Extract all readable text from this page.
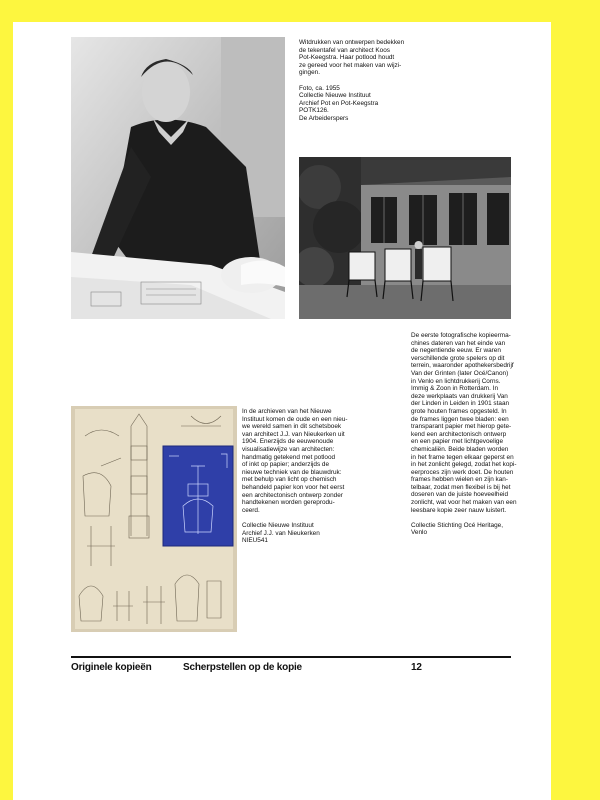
Witdrukken van ontwerpen bedekken
de tekentafel van architect Koos
Pot-Keegstra. Haar potlood houdt
ze gereed voor het maken van wijzi-
gingen.

Foto, ca. 1955
Collectie Nieuwe Instituut
Archief Pot en Pot-Keegstra
POTK126.
De Arbeiderspers

De eerste fotografische kopieerma-
chines dateren van het einde van
de negentiende eeuw. Er waren
verschillende grote spelers op dit
terrein, waaronder apothekersbedrijf
Van der Grinten (later Océ/Canon)
in Venlo en lichtdrukkerij Corns.
Immig & Zoon in Rotterdam. In
deze werkplaats van drukkerij Van
der Linden in Leiden in 1901 staan
grote houten frames opgesteld. In
de frames liggen twee bladen: een
transparant papier met hierop gete-
kend een architectonisch ontwerp
en een papier met lichtgevoelige
chemicaliën. Beide bladen worden
in het frame tegen elkaar geperst en
in het zonlicht gelegd, zodat het kopi-
eerproces zijn werk doet. De houten
frames hebben wielen en zijn kan-
telbaar, zodat men flexibel is bij het
doseren van de juiste hoeveelheid
zonlicht, wat voor het maken van een
leesbare kopie zeer nauw luistert.

Collectie Stichting Océ Heritage,
Venlo

In de archieven van het Nieuwe
Instituut komen de oude en een nieu-
we wereld samen in dit schetsboek
van architect J.J. van Nieukerken uit
1904. Enerzijds de eeuwenoude
visualisatiewijze van architecten:
handmatig getekend met potlood
of inkt op papier; anderzijds de
nieuwe techniek van de blauwdruk:
met behulp van licht op chemisch
behandeld papier kon voor het eerst
een architectonisch ontwerp zonder
handtekenen worden gereprodu-
ceerd.

Collectie Nieuwe Instituut
Archief J.J. van Nieukerken
NIEU541

Originele kopieën	Scherpstellen op de kopie	12
